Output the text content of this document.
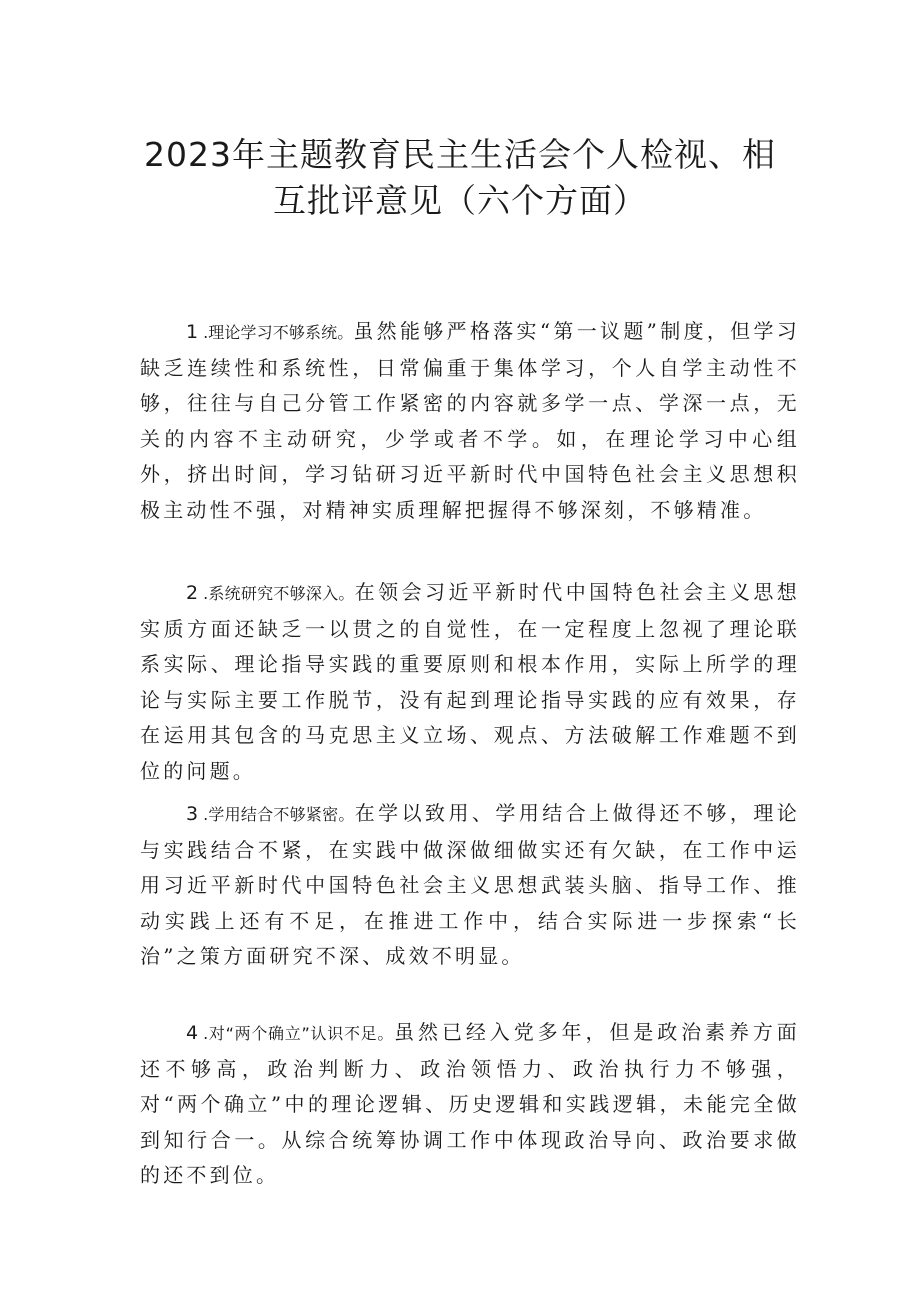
2023年主题教育民主生活会个人检视、相
互批评意见（六个方面）

1 .理论学习不够系统。虽然能够严格落实“第一议题”制度，但学习缺乏连续性和系统性，日常偏重于集体学习，个人自学主动性不够，往往与自己分管工作紧密的内容就多学一点、学深一点，无关的内容不主动研究，少学或者不学。如，在理论学习中心组外，挤出时间，学习钻研习近平新时代中国特色社会主义思想积极主动性不强，对精神实质理解把握得不够深刻，不够精准。

2 .系统研究不够深入。在领会习近平新时代中国特色社会主义思想实质方面还缺乏一以贯之的自觉性，在一定程度上忽视了理论联系实际、理论指导实践的重要原则和根本作用，实际上所学的理论与实际主要工作脱节，没有起到理论指导实践的应有效果，存在运用其包含的马克思主义立场、观点、方法破解工作难题不到位的问题。

3 .学用结合不够紧密。在学以致用、学用结合上做得还不够，理论与实践结合不紧，在实践中做深做细做实还有欠缺，在工作中运用习近平新时代中国特色社会主义思想武装头脑、指导工作、推动实践上还有不足，在推进工作中，结合实际进一步探索“长治”之策方面研究不深、成效不明显。

4 .对“两个确立”认识不足。虽然已经入党多年，但是政治素养方面还不够高，政治判断力、政治领悟力、政治执行力不够强，对“两个确立”中的理论逻辑、历史逻辑和实践逻辑，未能完全做到知行合一。从综合统筹协调工作中体现政治导向、政治要求做的还不到位。
